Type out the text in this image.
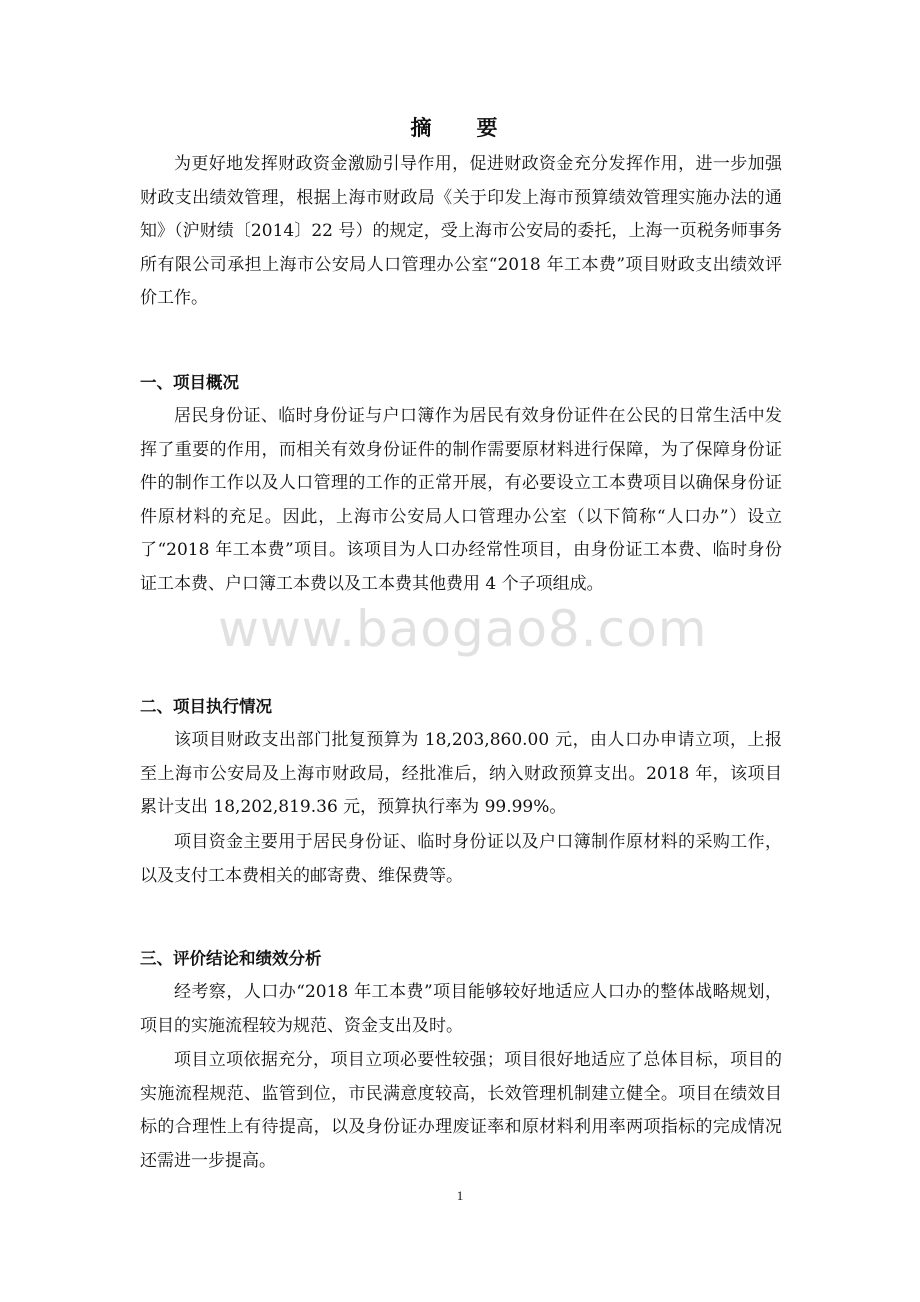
摘　要

为更好地发挥财政资金激励引导作用，促进财政资金充分发挥作用，进一步加强财政支出绩效管理，根据上海市财政局《关于印发上海市预算绩效管理实施办法的通知》（沪财绩〔2014〕22 号）的规定，受上海市公安局的委托，上海一页税务师事务所有限公司承担上海市公安局人口管理办公室“2018 年工本费”项目财政支出绩效评价工作。

一、项目概况

居民身份证、临时身份证与户口簿作为居民有效身份证件在公民的日常生活中发挥了重要的作用，而相关有效身份证件的制作需要原材料进行保障，为了保障身份证件的制作工作以及人口管理的工作的正常开展，有必要设立工本费项目以确保身份证件原材料的充足。因此，上海市公安局人口管理办公室（以下简称“人口办”）设立了“2018 年工本费”项目。该项目为人口办经常性项目，由身份证工本费、临时身份证工本费、户口簿工本费以及工本费其他费用 4 个子项组成。

二、项目执行情况

该项目财政支出部门批复预算为 18,203,860.00 元，由人口办申请立项，上报至上海市公安局及上海市财政局，经批准后，纳入财政预算支出。2018 年，该项目累计支出 18,202,819.36 元，预算执行率为 99.99%。

项目资金主要用于居民身份证、临时身份证以及户口簿制作原材料的采购工作，以及支付工本费相关的邮寄费、维保费等。

三、评价结论和绩效分析

经考察，人口办“2018 年工本费”项目能够较好地适应人口办的整体战略规划，项目的实施流程较为规范、资金支出及时。

项目立项依据充分，项目立项必要性较强；项目很好地适应了总体目标，项目的实施流程规范、监管到位，市民满意度较高，长效管理机制建立健全。项目在绩效目标的合理性上有待提高，以及身份证办理废证率和原材料利用率两项指标的完成情况还需进一步提高。

www.baogao8.com
1
